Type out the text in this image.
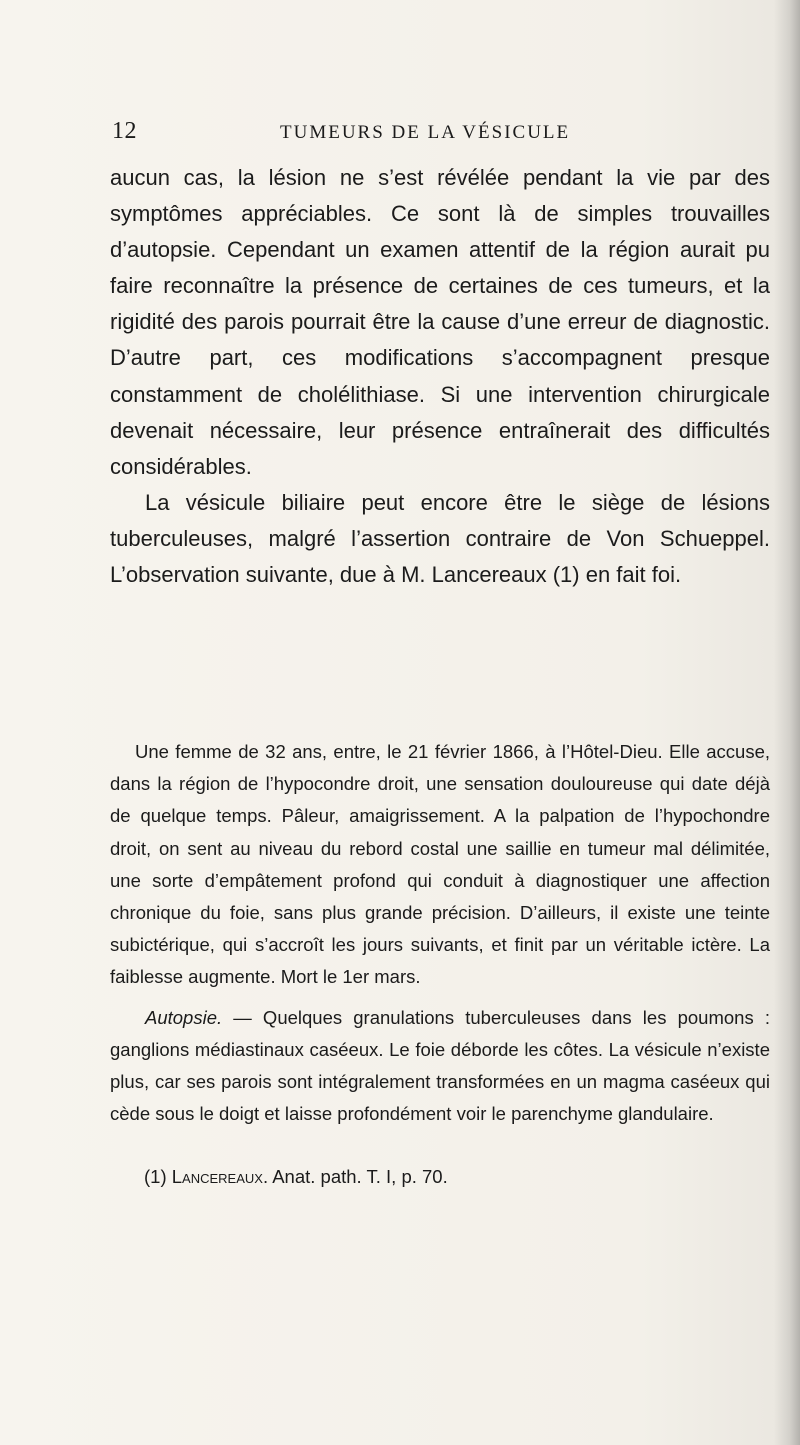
12	TUMEURS DE LA VÉSICULE

aucun cas, la lésion ne s’est révélée pendant la vie par des symptômes appréciables. Ce sont là de simples trouvailles d’autopsie. Cependant un examen attentif de la région aurait pu faire reconnaître la présence de certaines de ces tumeurs, et la rigidité des parois pourrait être la cause d’une erreur de diagnostic. D’autre part, ces modifications s’accompagnent presque constamment de cholélithiase. Si une intervention chirurgicale devenait nécessaire, leur présence entraînerait des difficultés considérables.

La vésicule biliaire peut encore être le siège de lésions tuberculeuses, malgré l’assertion contraire de Von Schueppel. L’observation suivante, due à M. Lancereaux (1) en fait foi.

Une femme de 32 ans, entre, le 21 février 1866, à l’Hôtel-Dieu. Elle accuse, dans la région de l’hypocondre droit, une sensation douloureuse qui date déjà de quelque temps. Pâleur, amaigrissement. A la palpation de l’hypochondre droit, on sent au niveau du rebord costal une saillie en tumeur mal délimitée, une sorte d’empâtement profond qui conduit à diagnostiquer une affection chronique du foie, sans plus grande précision. D’ailleurs, il existe une teinte subictérique, qui s’accroît les jours suivants, et finit par un véritable ictère. La faiblesse augmente. Mort le 1er mars.

Autopsie. — Quelques granulations tuberculeuses dans les poumons : ganglions médiastinaux caséeux. Le foie déborde les côtes. La vésicule n’existe plus, car ses parois sont intégralement transformées en un magma caséeux qui cède sous le doigt et laisse profondément voir le parenchyme glandulaire.

(1) Lancereaux. Anat. path. T. I, p. 70.
